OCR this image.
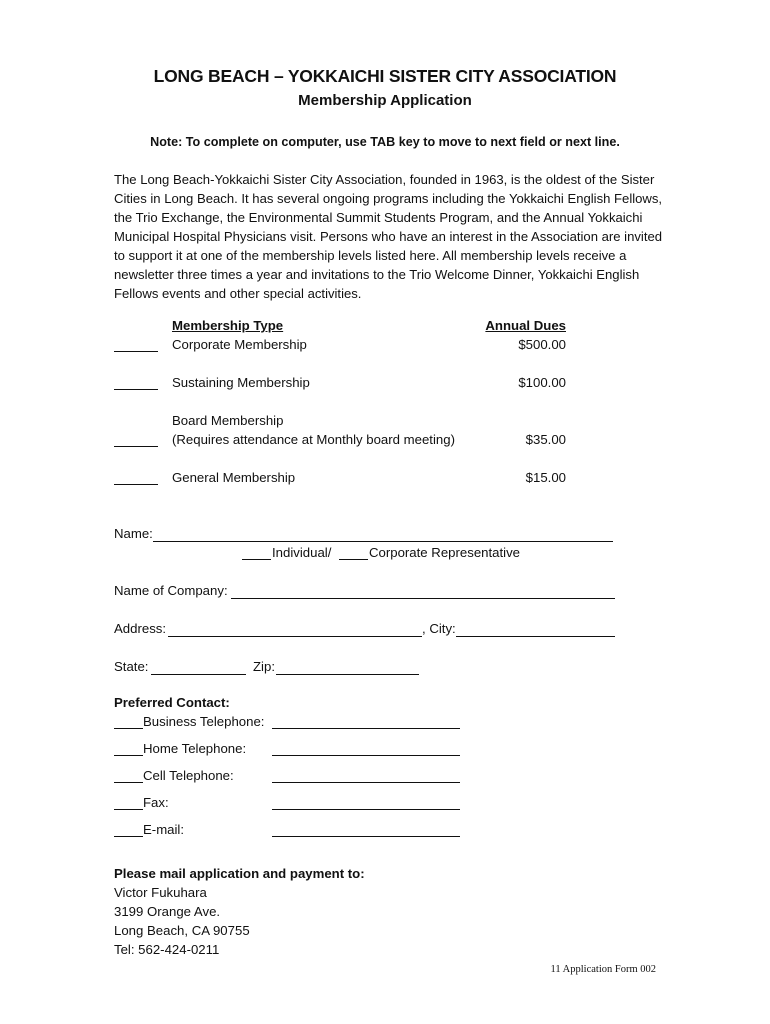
LONG BEACH – YOKKAICHI SISTER CITY ASSOCIATION
Membership Application
Note: To complete on computer, use TAB key to move to next field or next line.

The Long Beach-Yokkaichi Sister City Association, founded in 1963, is the oldest of the Sister Cities in Long Beach. It has several ongoing programs including the Yokkaichi English Fellows, the Trio Exchange, the Environmental Summit Students Program, and the Annual Yokkaichi Municipal Hospital Physicians visit. Persons who have an interest in the Association are invited to support it at one of the membership levels listed here. All membership levels receive a newsletter three times a year and invitations to the Trio Welcome Dinner, Yokkaichi English Fellows events and other special activities.

Membership Type	Annual Dues
Corporate Membership	$500.00
Sustaining Membership	$100.00
Board Membership
(Requires attendance at Monthly board meeting)	$35.00
General Membership	$15.00
Name:
Individual/	Corporate Representative
Name of Company:
Address:	, City:
State:	Zip:
Preferred Contact:
Business Telephone:
Home Telephone:
Cell Telephone:
Fax:
E-mail:
Please mail application and payment to:
Victor Fukuhara
3199 Orange Ave.
Long Beach, CA 90755
Tel: 562-424-0211
11 Application Form 002
